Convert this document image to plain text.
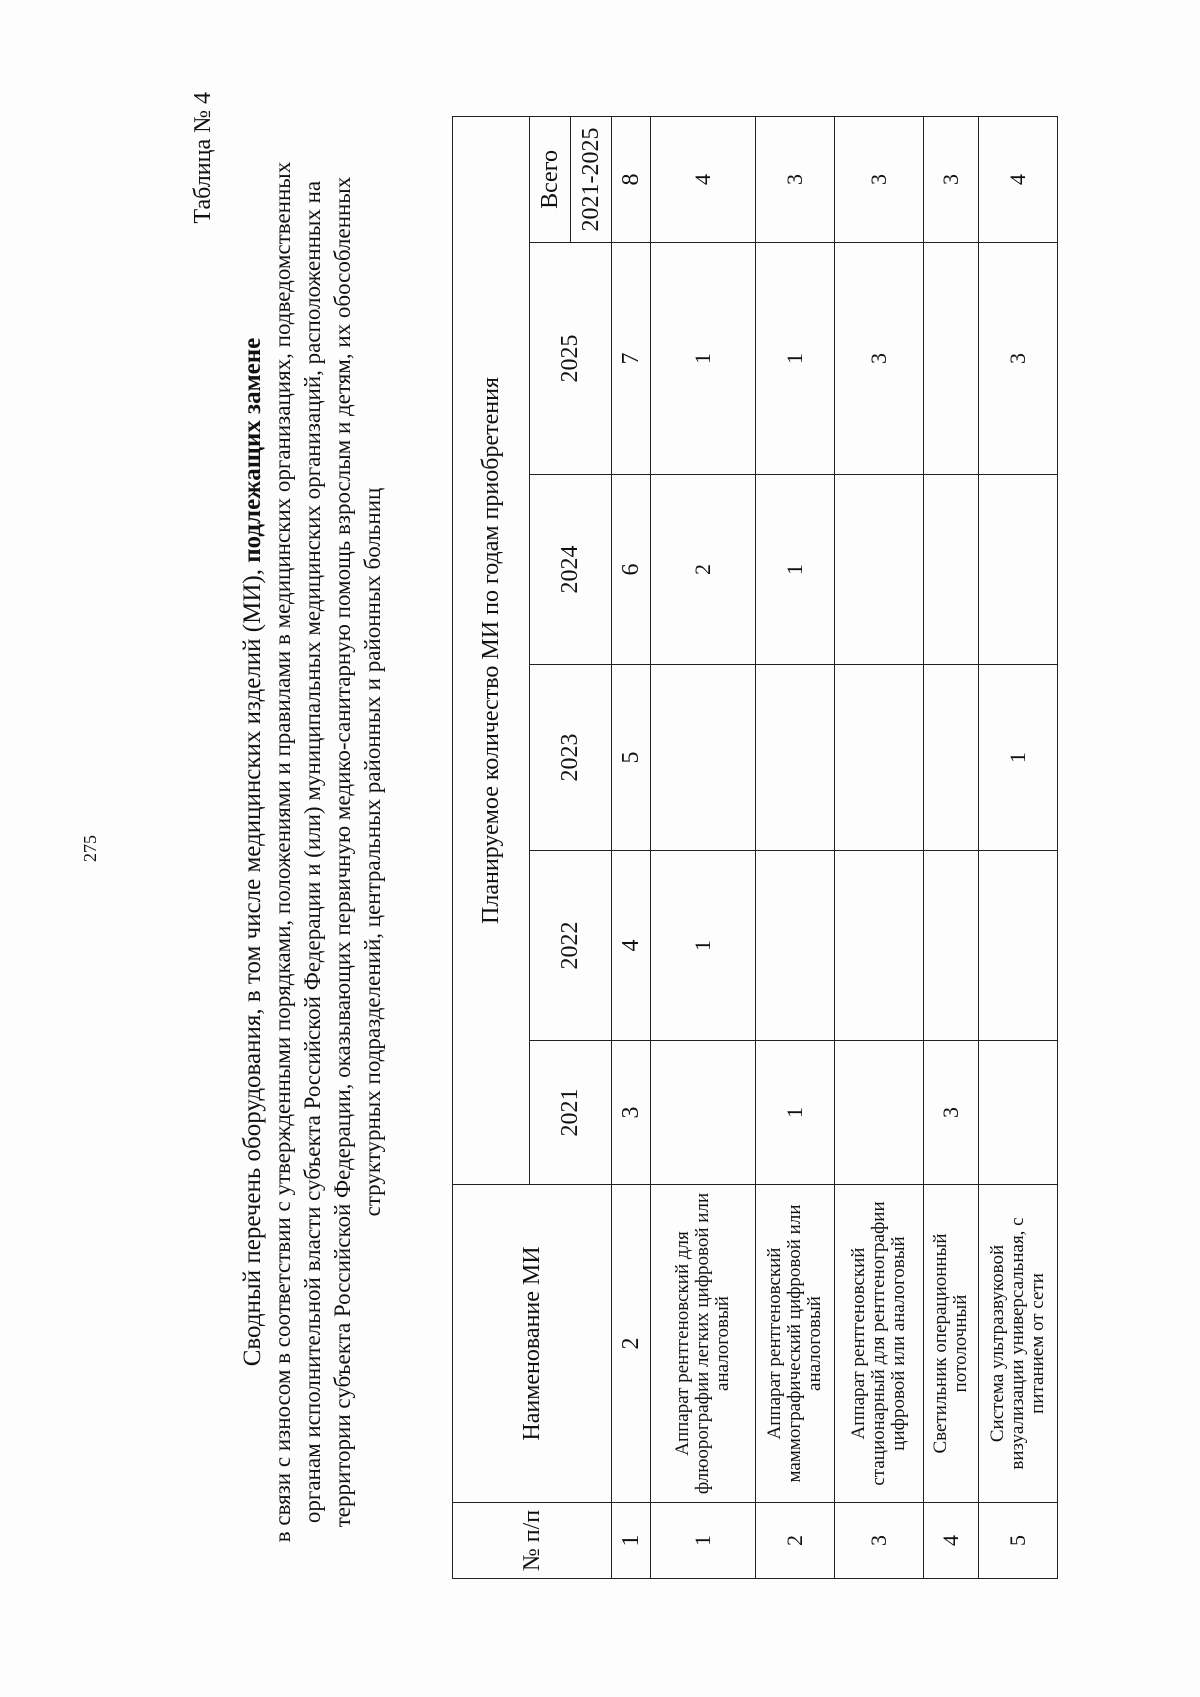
275
Таблица № 4
Сводный перечень оборудования, в том числе медицинских изделий (МИ), подлежащих замене в связи с износом в соответствии с утвержденными порядками, положениями и правилами в медицинских организациях, подведомственных органам исполнительной власти субъекта Российской Федерации и (или) муниципальных медицинских организаций, расположенных на территории субъекта Российской Федерации, оказывающих первичную медико-санитарную помощь взрослым и детям, их обособленных структурных подразделений, центральных районных и районных больниц
№ п/п	Наименование МИ	Планируемое количество МИ по годам приобретения					
		2021	2022	2023	2024	2025	Всего
							2021-2025
1	2	3	4	5	6	7	8
1	Аппарат рентгеновский для флюорографии легких цифровой или аналоговый		1		2	1	4
2	Аппарат рентгеновский маммографический цифровой или аналоговый	1			1	1	3
3	Аппарат рентгеновский стационарный для рентгенографии цифровой или аналоговый					3	3
4	Светильник операционный потолочный	3					3
5	Система ультразвуковой визуализации универсальная, с питанием от сети			1		3	4
